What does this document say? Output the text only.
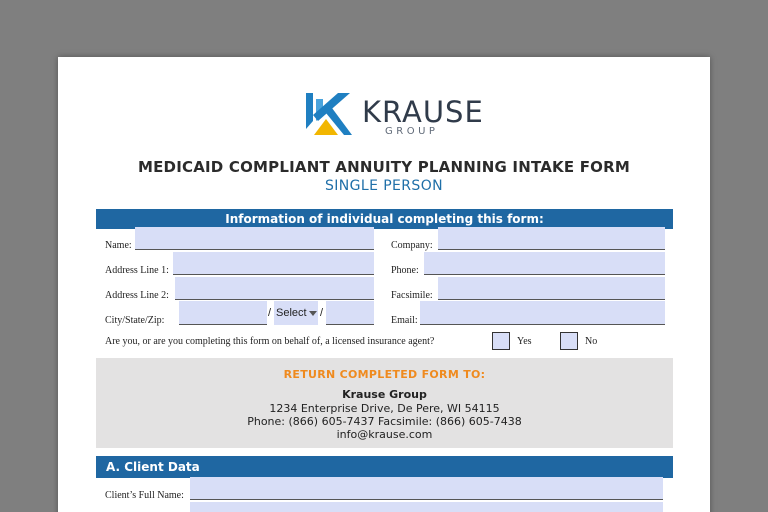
KRAUSE
GROUP
MEDICAID COMPLIANT ANNUITY PLANNING INTAKE FORM
SINGLE PERSON
Information of individual completing this form:
Name:
Address Line 1:
Address Line 2:
City/State/Zip:
/ Select /
Company:
Phone:
Facsimile:
Email:
Are you, or are you completing this form on behalf of, a licensed insurance agent?	Yes	No
RETURN COMPLETED FORM TO:
Krause Group
1234 Enterprise Drive, De Pere, WI 54115
Phone: (866) 605-7437 Facsimile: (866) 605-7438
info@krause.com
A. Client Data
Client’s Full Name:
